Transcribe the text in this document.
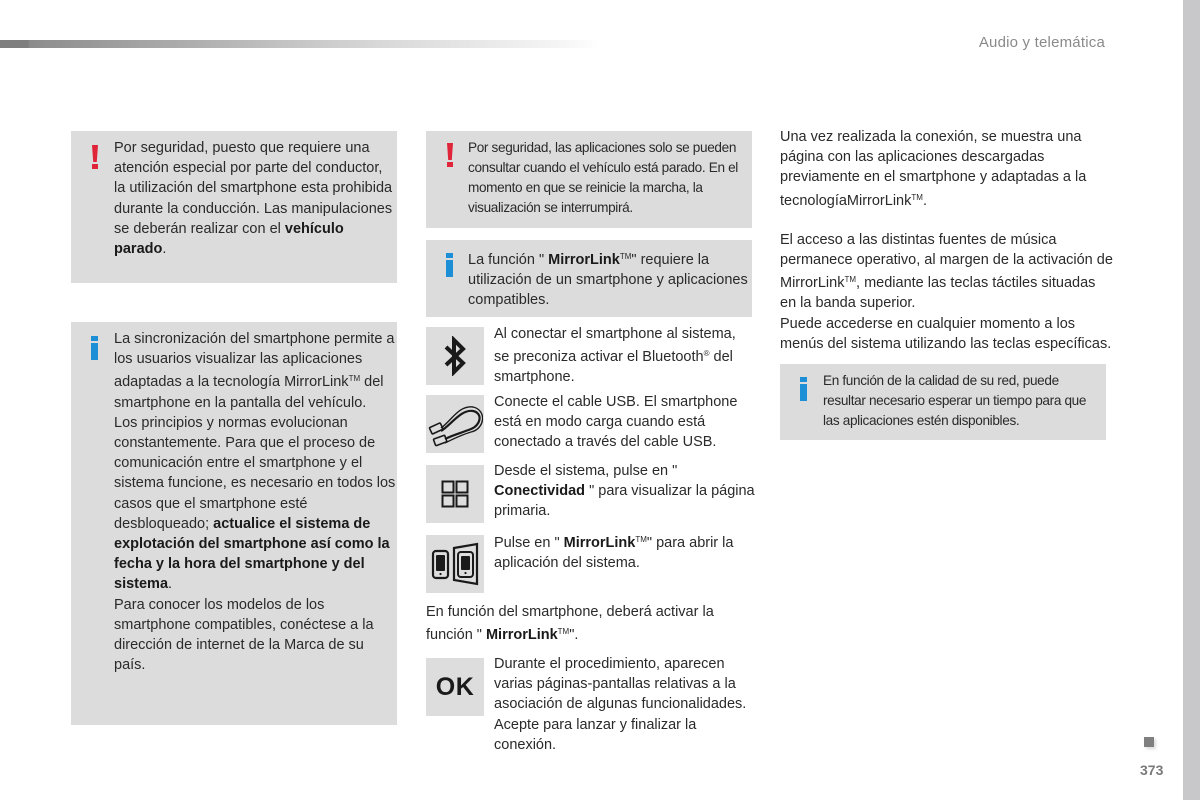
Audio y telemática
Por seguridad, puesto que requiere una atención especial por parte del conductor, la utilización del smartphone esta prohibida durante la conducción. Las manipulaciones se deberán realizar con el vehículo parado.
La sincronización del smartphone permite a los usuarios visualizar las aplicaciones adaptadas a la tecnología MirrorLink™ del smartphone en la pantalla del vehículo.
Los principios y normas evolucionan constantemente. Para que el proceso de comunicación entre el smartphone y el sistema funcione, es necesario en todos los casos que el smartphone esté desbloqueado; actualice el sistema de explotación del smartphone así como la fecha y la hora del smartphone y del sistema.
Para conocer los modelos de los smartphone compatibles, conéctese a la dirección de internet de la Marca de su país.
Por seguridad, las aplicaciones solo se pueden consultar cuando el vehículo está parado. En el momento en que se reinicie la marcha, la visualización se interrumpirá.
La función " MirrorLink™" requiere la utilización de un smartphone y aplicaciones compatibles.
Al conectar el smartphone al sistema, se preconiza activar el Bluetooth® del smartphone.
Conecte el cable USB. El smartphone está en modo carga cuando está conectado a través del cable USB.
Desde el sistema, pulse en " Conectividad " para visualizar la página primaria.
Pulse en " MirrorLink™" para abrir la aplicación del sistema.
En función del smartphone, deberá activar la función " MirrorLink™".
OK
Durante el procedimiento, aparecen varias páginas-pantallas relativas a la asociación de algunas funcionalidades. Acepte para lanzar y finalizar la conexión.
Una vez realizada la conexión, se muestra una página con las aplicaciones descargadas previamente en el smartphone y adaptadas a la tecnologíaMirrorLink™.
El acceso a las distintas fuentes de música permanece operativo, al margen de la activación de MirrorLink™, mediante las teclas táctiles situadas en la banda superior.
Puede accederse en cualquier momento a los menús del sistema utilizando las teclas específicas.
En función de la calidad de su red, puede resultar necesario esperar un tiempo para que las aplicaciones estén disponibles.
373
